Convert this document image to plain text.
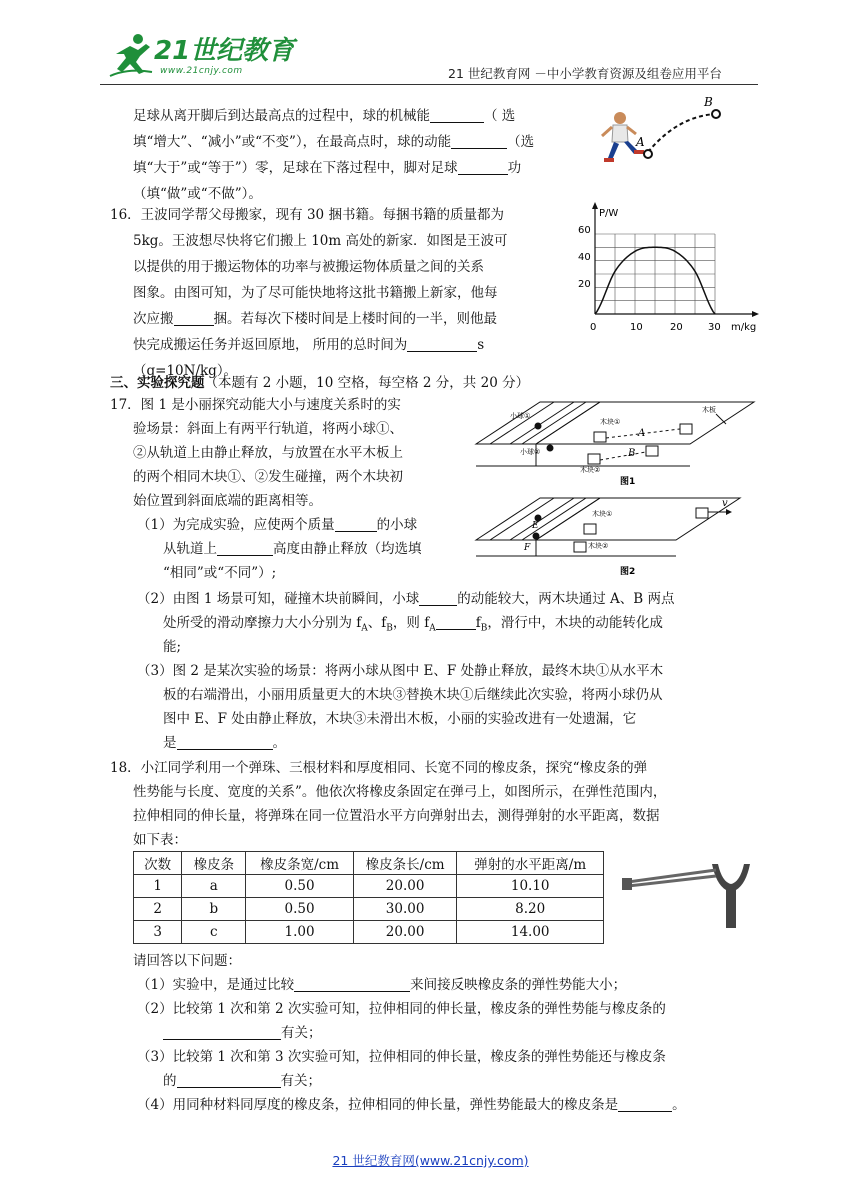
21世纪教育
www.21cnjy.com	21 世纪教育网 －中小学教育资源及组卷应用平台
足球从离开脚后到达最高点的过程中，球的机械能	（ 选
填“增大”、“减小”或“不变”），在最高点时，球的动能	（选
填“大于”或“等于”）零，足球在下落过程中，脚对足球	功
（填“做”或“不做”）。
A
B
16．王波同学帮父母搬家，现有 30 捆书籍。每捆书籍的质量都为
5kg。王波想尽快将它们搬上 10m 高处的新家．如图是王波可
以提供的用于搬运物体的功率与被搬运物体质量之间的关系
图象。由图可知，为了尽可能快地将这批书籍搬上新家，他每
次应搬	捆。若每次下楼时间是上楼时间的一半，则他最
快完成搬运任务并返回原地， 所用的总时间为	s
（g=10N/kg）。
P/W
m/kg
60
40
20
0	10	20	30
三、实验探究题（本题有 2 小题，10 空格，每空格 2 分，共 20 分）
17．图 1 是小丽探究动能大小与速度关系时的实
验场景：斜面上有两平行轨道，将两小球①、
②从轨道上由静止释放，与放置在水平木板上
的两个相同木块①、②发生碰撞，两个木块初
始位置到斜面底端的距离相等。
（1）为完成实验，应使两个质量	的小球
从轨道上	高度由静止释放（均选填
“相同”或“不同”）;
（2）由图 1 场景可知，碰撞木块前瞬间，小球	的动能较大，两木块通过 A、B 两点
处所受的滑动摩擦力大小分别为 $f_A$、$f_B$，则 $f_A$	$f_B$，滑行中，木块的动能转化成
能;
（3）图 2 是某次实验的场景：将两小球从图中 E、F 处静止释放，最终木块①从水平木
板的右端滑出，小丽用质量更大的木块③替换木块①后继续此次实验，将两小球仍从
图中 E、F 处由静止释放，木块③未滑出木板，小丽的实验改进有一处遗漏，它
是	。
小球①
小球②
木块①
木块②
木板
A
B
图1
v
木块①
木块②
E
F
图2
18．小江同学利用一个弹珠、三根材料和厚度相同、长宽不同的橡皮条，探究“橡皮条的弹
性势能与长度、宽度的关系”。他依次将橡皮条固定在弹弓上，如图所示，在弹性范围内，
拉伸相同的伸长量，将弹珠在同一位置沿水平方向弹射出去，测得弹射的水平距离，数据
如下表：
次数	橡皮条	橡皮条宽/cm	橡皮条长/cm	弹射的水平距离/m
1	a	0.50	20.00	10.10
2	b	0.50	30.00	8.20
3	c	1.00	20.00	14.00
请回答以下问题：
（1）实验中，是通过比较	来间接反映橡皮条的弹性势能大小；
（2）比较第 1 次和第 2 次实验可知，拉伸相同的伸长量，橡皮条的弹性势能与橡皮条的
有关；
（3）比较第 1 次和第 3 次实验可知，拉伸相同的伸长量，橡皮条的弹性势能还与橡皮条
的	有关；
（4）用同种材料同厚度的橡皮条，拉伸相同的伸长量，弹性势能最大的橡皮条是	。
21 世纪教育网(www.21cnjy.com)
